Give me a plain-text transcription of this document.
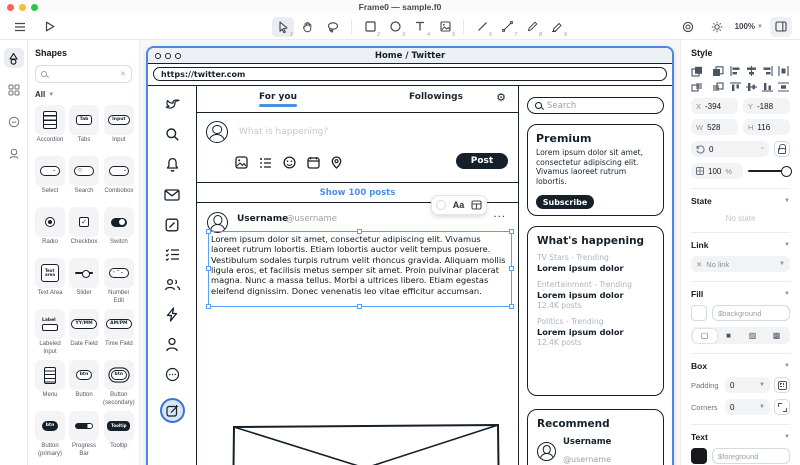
Frame0 — sample.f0
1	2	3	4	5	6	7	8	9
100% ▼
Shapes
✕
All ▼
Accordion
Tab
Tabs
Input
Input
⌄
Select
○
Search
⌄
Combobox
Radio
✓
Checkbox Switch
Text area
Text Area Slider
‹ ⌃⌄
Number Edit
Label
Labeled Input
YY/MM
Date Field
AM/PM
Time Field
Menu
btn
Button
btn
Button (secondary)
btn
Button (primary)
Progress Bar
Tooltip
Tooltip
Home / Twitter
https://twitter.com
For you	Followings	⚙
What is happening?
Post
Show 100 posts
Username
@username	...
Lorem ipsum dolor sit amet, consectetur adipiscing elit. Vivamus laoreet rutrum lobortis. Etiam lobortis auctor velit tempus posuere. Vestibulum sodales turpis rutrum velit rhoncus gravida. Aliquam mollis ligula eros, et facilisis metus semper sit amet. Proin pulvinar placerat magna. Nunc a massa tellus. Morbi a ultrices libero. Etiam egestas eleifend dignissim. Donec venenatis leo vitae efficitur accumsan.
Search
Premium

Lorem ipsum dolor sit amet, consectetur adipiscing elit. Vivamus laoreet rutrum lobortis.

Subscribe
What's happening
TV Stars - Trending
Lorem ipsum dolor
Entertainment - Trending
Lorem ipsum dolor
12.4K posts
Politics - Trending
Lorem ipsum dolor
12.4K posts
Recommend
Username
@username
Aa
Style
X -394	Y -188
W 528	H 116
0	°
100 %
State	▼
No state
Link	▼
✕ No link	▼
Fill	▼
$background
▢	■	▨	▩
Box	▼
Padding	0	▼
Corners	0	▼
Text	▼
$foreground
